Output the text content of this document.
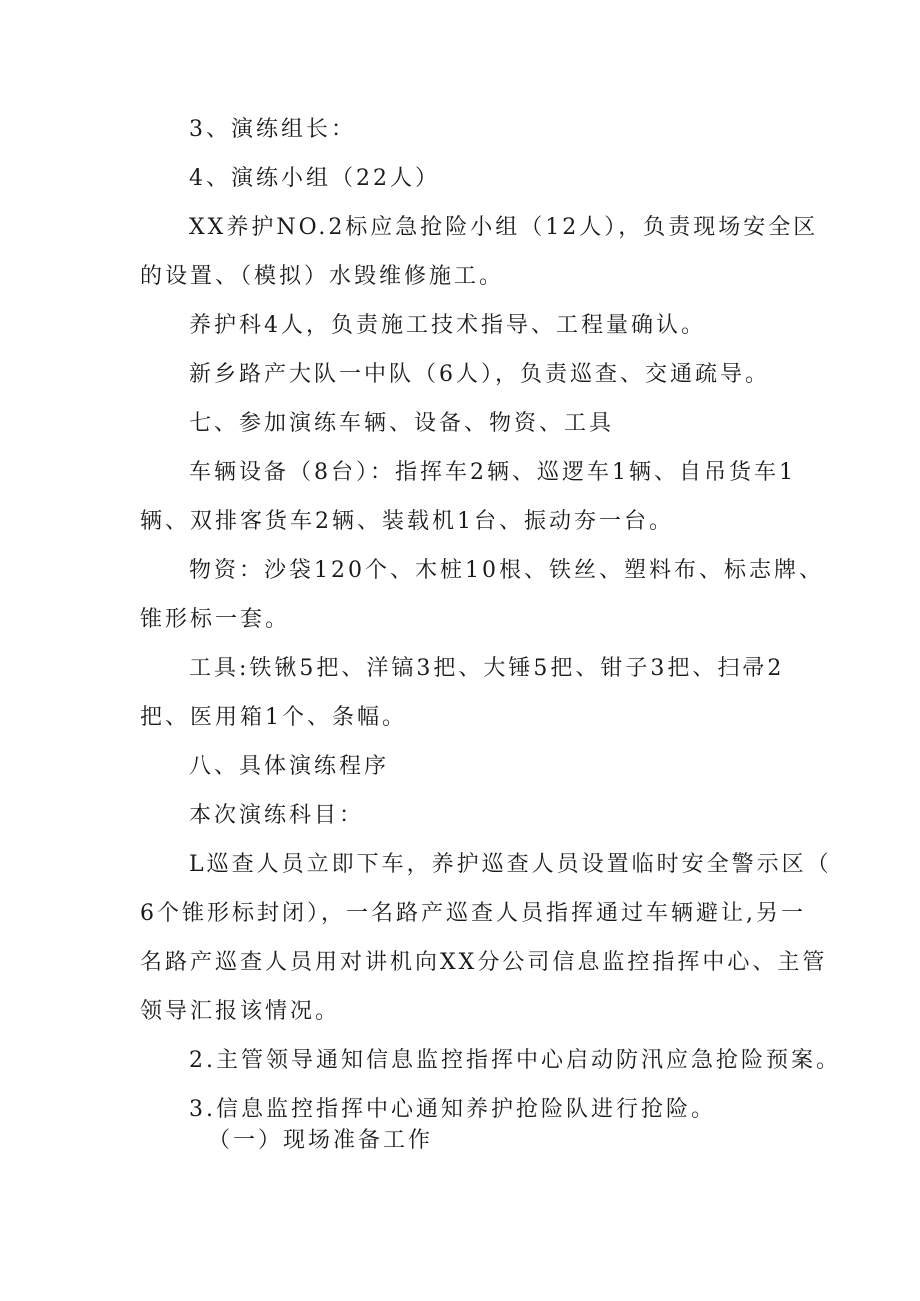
3、演练组长：
4、演练小组（22人）
XX养护NO.2标应急抢险小组（12人），负责现场安全区
的设置、（模拟）水毁维修施工。
养护科4人，负责施工技术指导、工程量确认。
新乡路产大队一中队（6人），负责巡查、交通疏导。
七、参加演练车辆、设备、物资、工具
车辆设备（8台）：指挥车2辆、巡逻车1辆、自吊货车1
辆、双排客货车2辆、装载机1台、振动夯一台。
物资：沙袋120个、木桩10根、铁丝、塑料布、标志牌、
锥形标一套。
工具:铁锹5把、洋镐3把、大锤5把、钳子3把、扫帚2
把、医用箱1个、条幅。
八、具体演练程序
本次演练科目：
L巡查人员立即下车，养护巡查人员设置临时安全警示区（
6个锥形标封闭），一名路产巡查人员指挥通过车辆避让,另一
名路产巡查人员用对讲机向XX分公司信息监控指挥中心、主管
领导汇报该情况。
2.主管领导通知信息监控指挥中心启动防汛应急抢险预案。
3.信息监控指挥中心通知养护抢险队进行抢险。
（一）现场准备工作
